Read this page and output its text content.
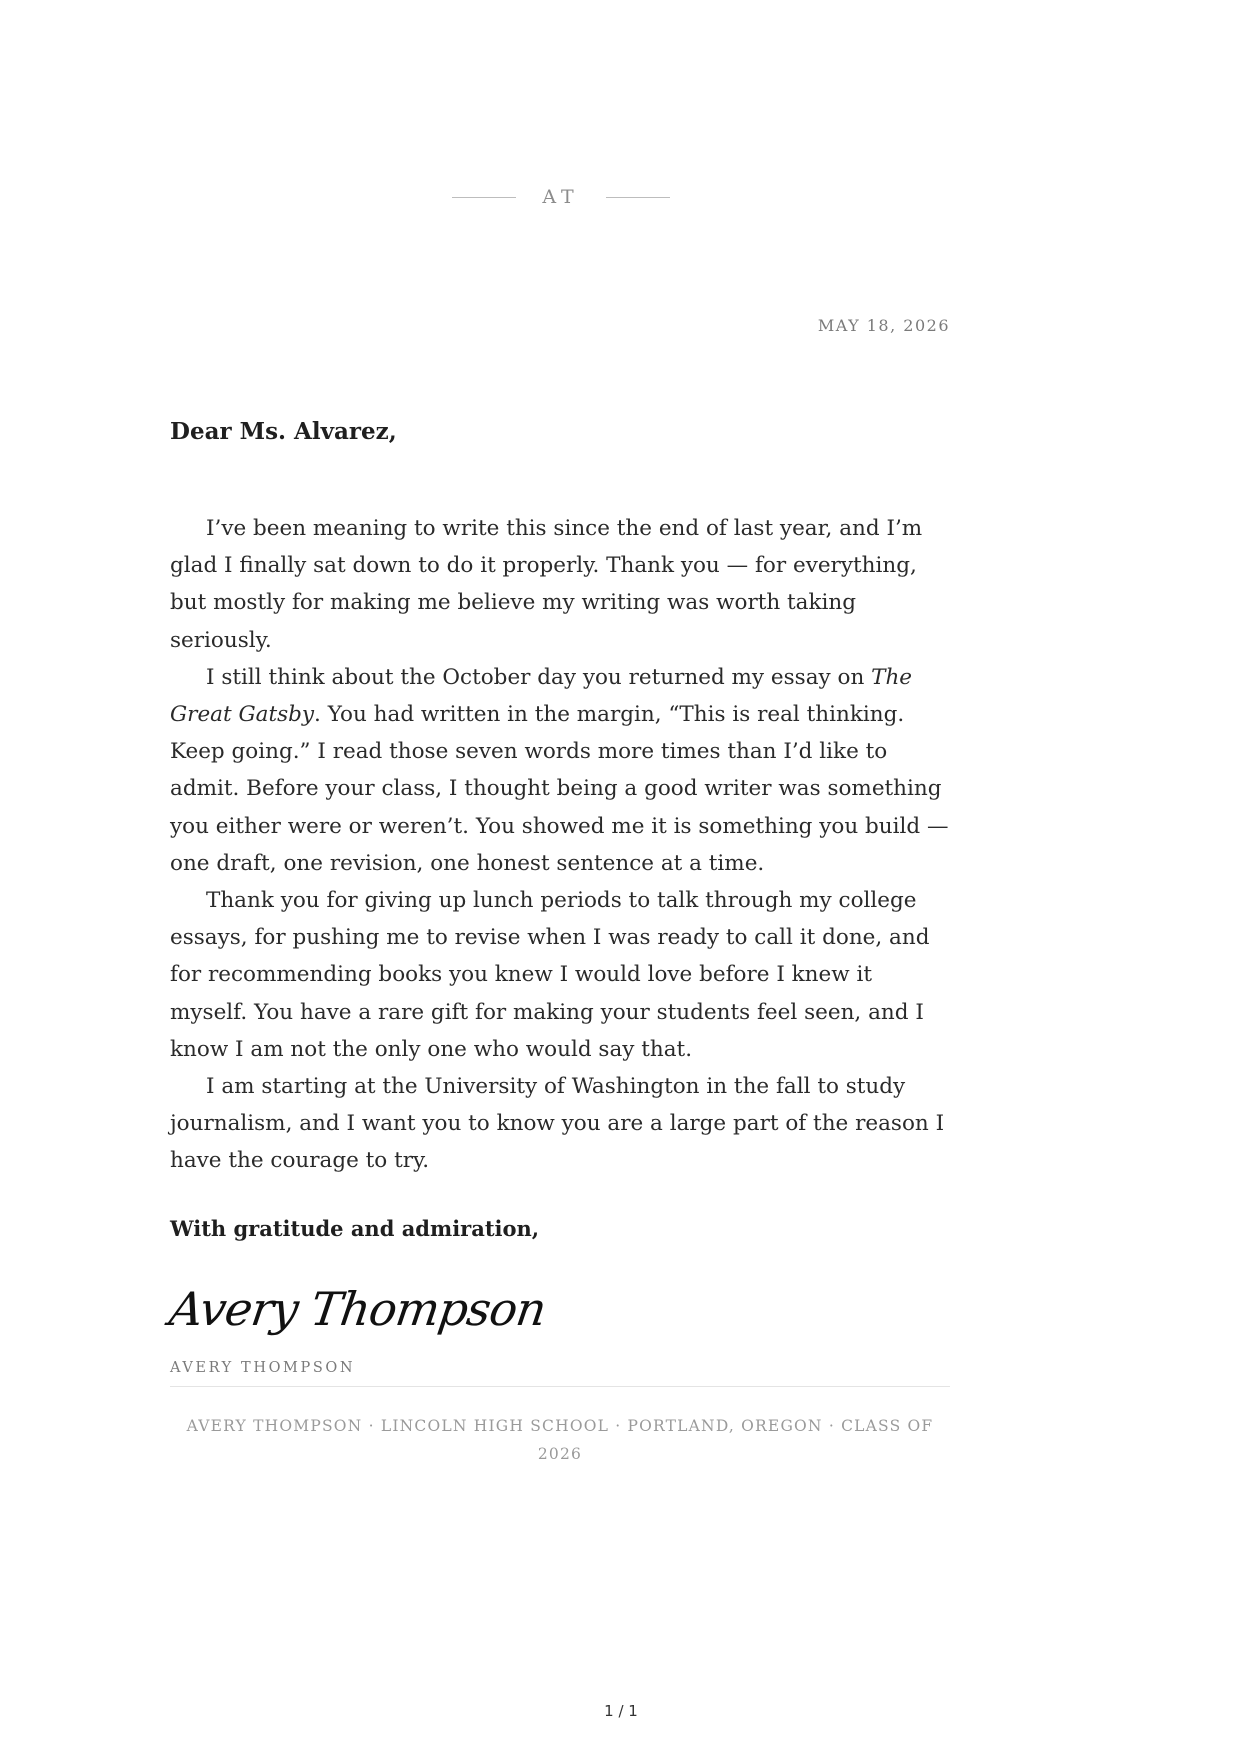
AT
MAY 18, 2026
Dear Ms. Alvarez,

I’ve been meaning to write this since the end of last year, and I’m glad I finally sat down to do it properly. Thank you — for everything, but mostly for making me believe my writing was worth taking seriously.

I still think about the October day you returned my essay on The Great Gatsby. You had written in the margin, “This is real thinking. Keep going.” I read those seven words more times than I’d like to admit. Before your class, I thought being a good writer was something you either were or weren’t. You showed me it is something you build — one draft, one revision, one honest sentence at a time.

Thank you for giving up lunch periods to talk through my college essays, for pushing me to revise when I was ready to call it done, and for recommending books you knew I would love before I knew it myself. You have a rare gift for making your students feel seen, and I know I am not the only one who would say that.

I am starting at the University of Washington in the fall to study journalism, and I want you to know you are a large part of the reason I have the courage to try.

With gratitude and admiration,
Avery Thompson
AVERY THOMPSON
AVERY THOMPSON · LINCOLN HIGH SCHOOL · PORTLAND, OREGON · CLASS OF 2026
1 / 1
